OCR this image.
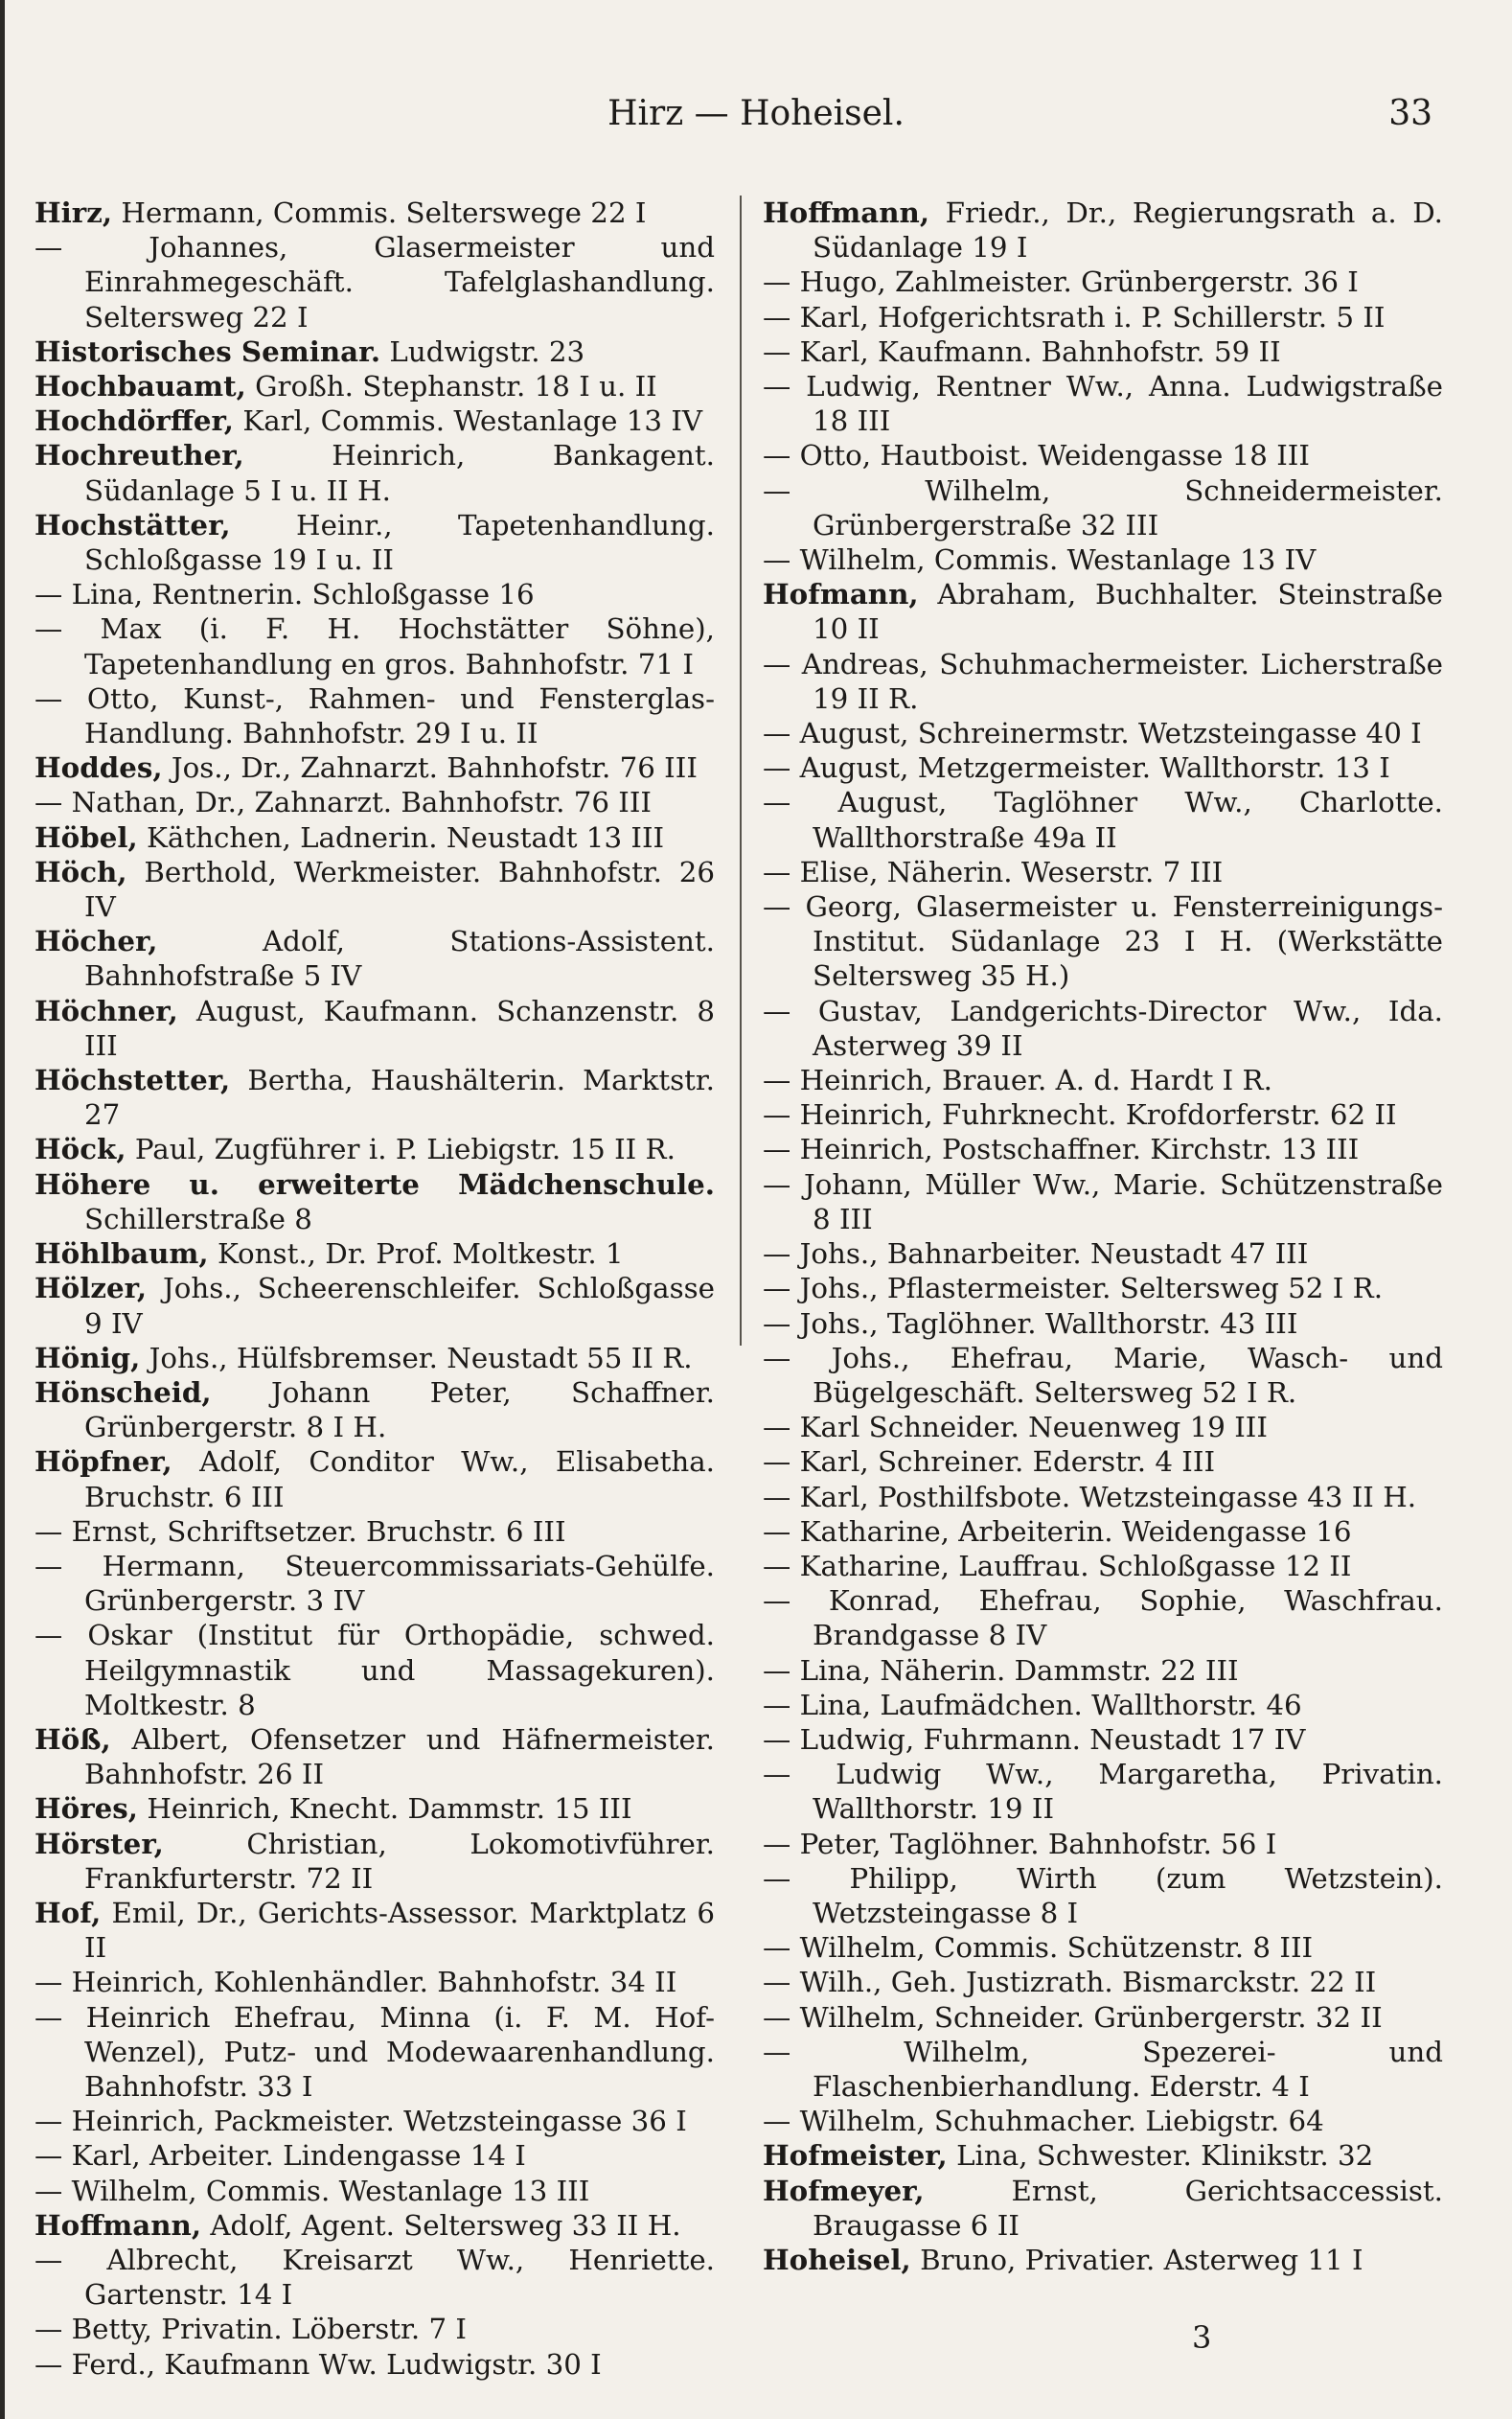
Hirz — Hoheisel.	33
Hirz, Hermann, Commis. Selterswege 22 I
— Johannes, Glasermeister und Einrahmegeschäft. Tafelglashandlung. Seltersweg 22 I
Historisches Seminar. Ludwigstr. 23
Hochbauamt, Großh. Stephanstr. 18 I u. II
Hochdörffer, Karl, Commis. Westanlage 13 IV
Hochreuther, Heinrich, Bankagent. Südanlage 5 I u. II H.
Hochstätter, Heinr., Tapetenhandlung. Schloßgasse 19 I u. II
— Lina, Rentnerin. Schloßgasse 16
— Max (i. F. H. Hochstätter Söhne), Tapetenhandlung en gros. Bahnhofstr. 71 I
— Otto, Kunst-, Rahmen- und Fensterglas-Handlung. Bahnhofstr. 29 I u. II
Hoddes, Jos., Dr., Zahnarzt. Bahnhofstr. 76 III
— Nathan, Dr., Zahnarzt. Bahnhofstr. 76 III
Höbel, Käthchen, Ladnerin. Neustadt 13 III
Höch, Berthold, Werkmeister. Bahnhofstr. 26 IV
Höcher, Adolf, Stations-Assistent. Bahnhofstraße 5 IV
Höchner, August, Kaufmann. Schanzenstr. 8 III
Höchstetter, Bertha, Haushälterin. Marktstr. 27
Höck, Paul, Zugführer i. P. Liebigstr. 15 II R.
Höhere u. erweiterte Mädchenschule. Schillerstraße 8
Höhlbaum, Konst., Dr. Prof. Moltkestr. 1
Hölzer, Johs., Scheerenschleifer. Schloßgasse 9 IV
Hönig, Johs., Hülfsbremser. Neustadt 55 II R.
Hönscheid, Johann Peter, Schaffner. Grünbergerstr. 8 I H.
Höpfner, Adolf, Conditor Ww., Elisabetha. Bruchstr. 6 III
— Ernst, Schriftsetzer. Bruchstr. 6 III
— Hermann, Steuercommissariats-Gehülfe. Grünbergerstr. 3 IV
— Oskar (Institut für Orthopädie, schwed. Heilgymnastik und Massagekuren). Moltkestr. 8
Höß, Albert, Ofensetzer und Häfnermeister. Bahnhofstr. 26 II
Höres, Heinrich, Knecht. Dammstr. 15 III
Hörster, Christian, Lokomotivführer. Frankfurterstr. 72 II
Hof, Emil, Dr., Gerichts-Assessor. Marktplatz 6 II
— Heinrich, Kohlenhändler. Bahnhofstr. 34 II
— Heinrich Ehefrau, Minna (i. F. M. Hof-Wenzel), Putz- und Modewaarenhandlung. Bahnhofstr. 33 I
— Heinrich, Packmeister. Wetzsteingasse 36 I
— Karl, Arbeiter. Lindengasse 14 I
— Wilhelm, Commis. Westanlage 13 III
Hoffmann, Adolf, Agent. Seltersweg 33 II H.
— Albrecht, Kreisarzt Ww., Henriette. Gartenstr. 14 I
— Betty, Privatin. Löberstr. 7 I
— Ferd., Kaufmann Ww. Ludwigstr. 30 I
Hoffmann, Friedr., Dr., Regierungsrath a. D. Südanlage 19 I
— Hugo, Zahlmeister. Grünbergerstr. 36 I
— Karl, Hofgerichtsrath i. P. Schillerstr. 5 II
— Karl, Kaufmann. Bahnhofstr. 59 II
— Ludwig, Rentner Ww., Anna. Ludwigstraße 18 III
— Otto, Hautboist. Weidengasse 18 III
— Wilhelm, Schneidermeister. Grünbergerstraße 32 III
— Wilhelm, Commis. Westanlage 13 IV
Hofmann, Abraham, Buchhalter. Steinstraße 10 II
— Andreas, Schuhmachermeister. Licherstraße 19 II R.
— August, Schreinermstr. Wetzsteingasse 40 I
— August, Metzgermeister. Wallthorstr. 13 I
— August, Taglöhner Ww., Charlotte. Wallthorstraße 49a II
— Elise, Näherin. Weserstr. 7 III
— Georg, Glasermeister u. Fensterreinigungs-Institut. Südanlage 23 I H. (Werkstätte Seltersweg 35 H.)
— Gustav, Landgerichts-Director Ww., Ida. Asterweg 39 II
— Heinrich, Brauer. A. d. Hardt I R.
— Heinrich, Fuhrknecht. Krofdorferstr. 62 II
— Heinrich, Postschaffner. Kirchstr. 13 III
— Johann, Müller Ww., Marie. Schützenstraße 8 III
— Johs., Bahnarbeiter. Neustadt 47 III
— Johs., Pflastermeister. Seltersweg 52 I R.
— Johs., Taglöhner. Wallthorstr. 43 III
— Johs., Ehefrau, Marie, Wasch- und Bügelgeschäft. Seltersweg 52 I R.
— Karl Schneider. Neuenweg 19 III
— Karl, Schreiner. Ederstr. 4 III
— Karl, Posthilfsbote. Wetzsteingasse 43 II H.
— Katharine, Arbeiterin. Weidengasse 16
— Katharine, Lauffrau. Schloßgasse 12 II
— Konrad, Ehefrau, Sophie, Waschfrau. Brandgasse 8 IV
— Lina, Näherin. Dammstr. 22 III
— Lina, Laufmädchen. Wallthorstr. 46
— Ludwig, Fuhrmann. Neustadt 17 IV
— Ludwig Ww., Margaretha, Privatin. Wallthorstr. 19 II
— Peter, Taglöhner. Bahnhofstr. 56 I
— Philipp, Wirth (zum Wetzstein). Wetzsteingasse 8 I
— Wilhelm, Commis. Schützenstr. 8 III
— Wilh., Geh. Justizrath. Bismarckstr. 22 II
— Wilhelm, Schneider. Grünbergerstr. 32 II
— Wilhelm, Spezerei- und Flaschenbierhandlung. Ederstr. 4 I
— Wilhelm, Schuhmacher. Liebigstr. 64
Hofmeister, Lina, Schwester. Klinikstr. 32
Hofmeyer, Ernst, Gerichtsaccessist. Braugasse 6 II
Hoheisel, Bruno, Privatier. Asterweg 11 I
3
